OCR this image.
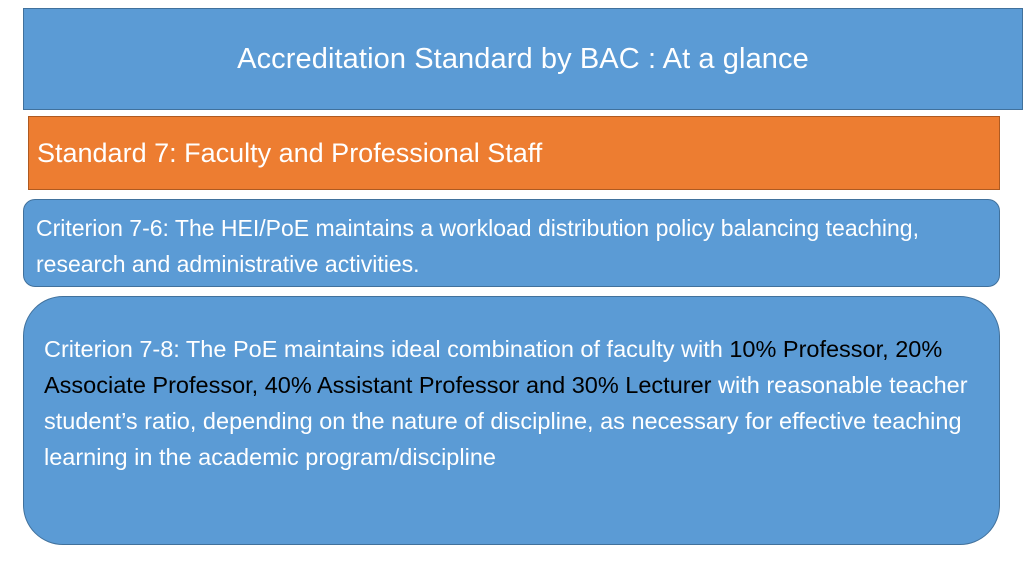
Accreditation Standard by BAC : At a glance
Standard 7: Faculty and Professional Staff
Criterion 7-6: The HEI/PoE maintains a workload distribution policy balancing teaching, research and administrative activities.
Criterion 7-8: The PoE maintains ideal combination of faculty with 10% Professor, 20% Associate Professor, 40% Assistant Professor and 30% Lecturer with reasonable teacher student’s ratio, depending on the nature of discipline, as necessary for effective teaching learning in the academic program/discipline
